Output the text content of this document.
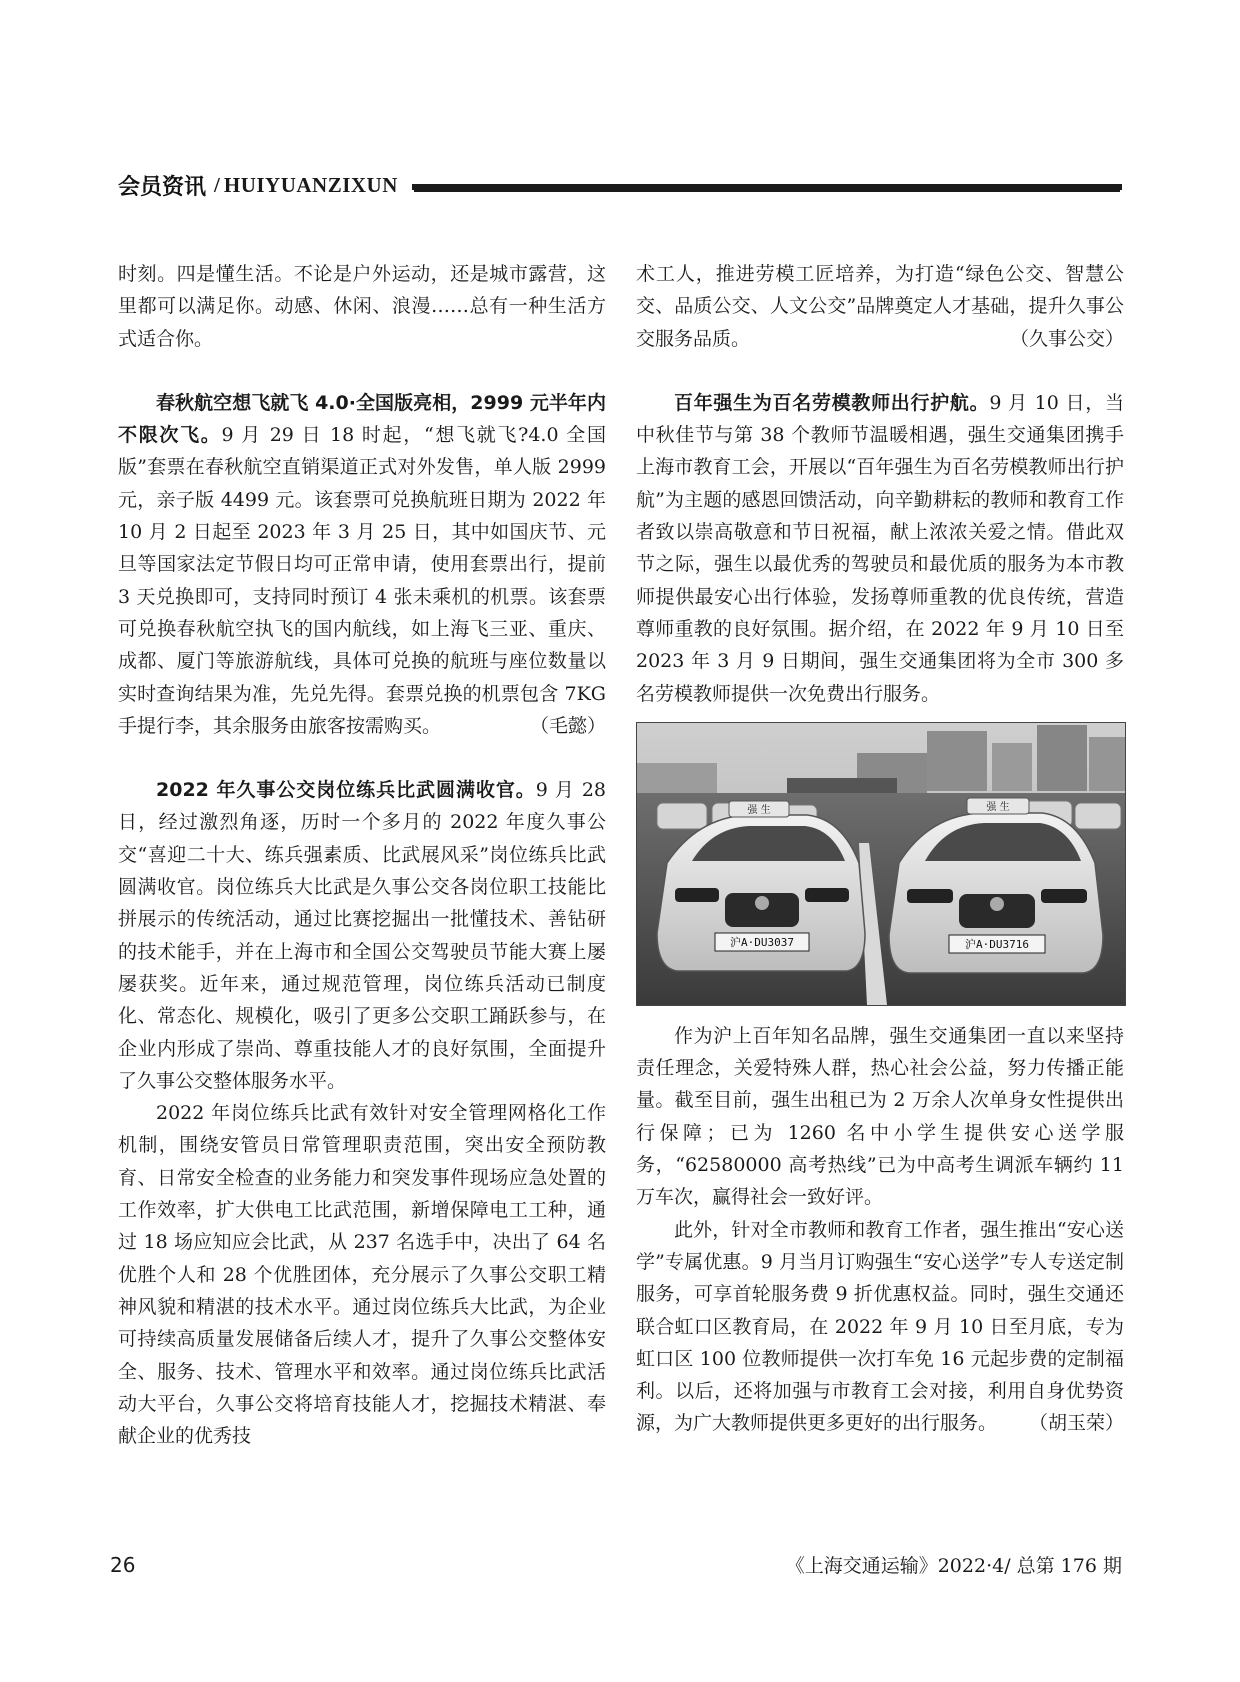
会员资讯 / HUIYUANZIXUN

时刻。四是懂生活。不论是户外运动，还是城市露营，这里都可以满足你。动感、休闲、浪漫……总有一种生活方式适合你。

春秋航空想飞就飞 4.0·全国版亮相，2999 元半年内不限次飞。9 月 29 日 18 时起，“想飞就飞?4.0 全国版”套票在春秋航空直销渠道正式对外发售，单人版 2999 元，亲子版 4499 元。该套票可兑换航班日期为 2022 年 10 月 2 日起至 2023 年 3 月 25 日，其中如国庆节、元旦等国家法定节假日均可正常申请，使用套票出行，提前 3 天兑换即可，支持同时预订 4 张未乘机的机票。该套票可兑换春秋航空执飞的国内航线，如上海飞三亚、重庆、成都、厦门等旅游航线，具体可兑换的航班与座位数量以实时查询结果为准，先兑先得。套票兑换的机票包含 7KG 手提行李，其余服务由旅客按需购买。	（毛懿）

2022 年久事公交岗位练兵比武圆满收官。9 月 28 日，经过激烈角逐，历时一个多月的 2022 年度久事公交“喜迎二十大、练兵强素质、比武展风采”岗位练兵比武圆满收官。岗位练兵大比武是久事公交各岗位职工技能比拼展示的传统活动，通过比赛挖掘出一批懂技术、善钻研的技术能手，并在上海市和全国公交驾驶员节能大赛上屡屡获奖。近年来，通过规范管理，岗位练兵活动已制度化、常态化、规模化，吸引了更多公交职工踊跃参与，在企业内形成了崇尚、尊重技能人才的良好氛围，全面提升了久事公交整体服务水平。

2022 年岗位练兵比武有效针对安全管理网格化工作机制，围绕安管员日常管理职责范围，突出安全预防教育、日常安全检查的业务能力和突发事件现场应急处置的工作效率，扩大供电工比武范围，新增保障电工工种，通过 18 场应知应会比武，从 237 名选手中，决出了 64 名优胜个人和 28 个优胜团体，充分展示了久事公交职工精神风貌和精湛的技术水平。通过岗位练兵大比武，为企业可持续高质量发展储备后续人才，提升了久事公交整体安全、服务、技术、管理水平和效率。通过岗位练兵比武活动大平台，久事公交将培育技能人才，挖掘技术精湛、奉献企业的优秀技

术工人，推进劳模工匠培养，为打造“绿色公交、智慧公交、品质公交、人文公交”品牌奠定人才基础，提升久事公交服务品质。	（久事公交）

百年强生为百名劳模教师出行护航。9 月 10 日，当中秋佳节与第 38 个教师节温暖相遇，强生交通集团携手上海市教育工会，开展以“百年强生为百名劳模教师出行护航”为主题的感恩回馈活动，向辛勤耕耘的教师和教育工作者致以崇高敬意和节日祝福，献上浓浓关爱之情。借此双节之际，强生以最优秀的驾驶员和最优质的服务为本市教师提供最安心出行体验，发扬尊师重教的优良传统，营造尊师重教的良好氛围。据介绍，在 2022 年 9 月 10 日至 2023 年 3 月 9 日期间，强生交通集团将为全市 300 多名劳模教师提供一次免费出行服务。

强 生
沪A·DU3037
强 生
沪A·DU3716

作为沪上百年知名品牌，强生交通集团一直以来坚持责任理念，关爱特殊人群，热心社会公益，努力传播正能量。截至目前，强生出租已为 2 万余人次单身女性提供出行保障；已为 1260 名中小学生提供安心送学服务，“62580000 高考热线”已为中高考生调派车辆约 11 万车次，赢得社会一致好评。

此外，针对全市教师和教育工作者，强生推出“安心送学”专属优惠。9 月当月订购强生“安心送学”专人专送定制服务，可享首轮服务费 9 折优惠权益。同时，强生交通还联合虹口区教育局，在 2022 年 9 月 10 日至月底，专为虹口区 100 位教师提供一次打车免 16 元起步费的定制福利。以后，还将加强与市教育工会对接，利用自身优势资源，为广大教师提供更多更好的出行服务。 （胡玉荣）

26	《上海交通运输》2022·4/ 总第 176 期
